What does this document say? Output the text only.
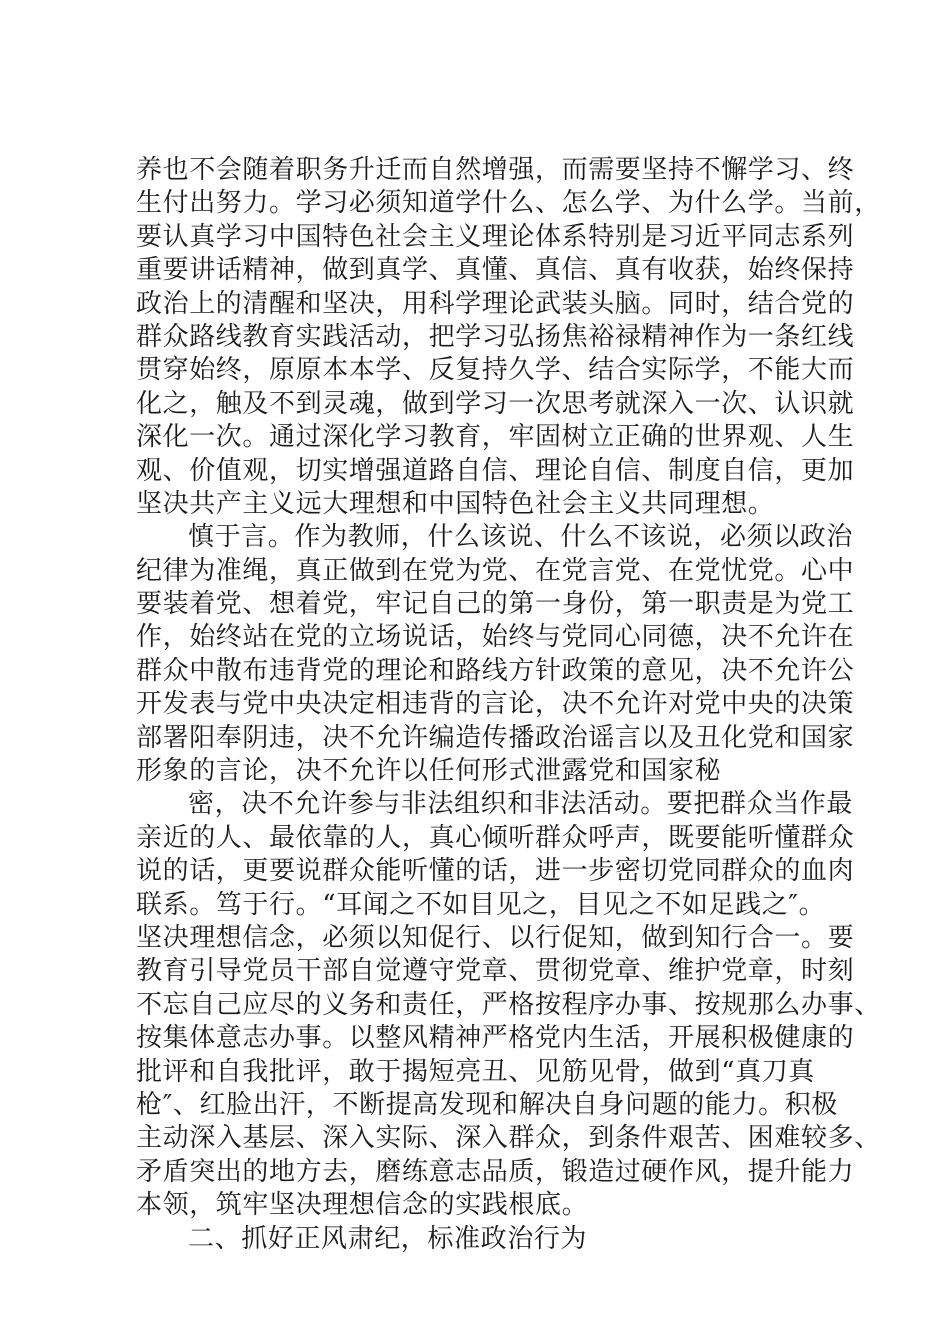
养也不会随着职务升迁而自然增强，而需要坚持不懈学习、终
生付出努力。学习必须知道学什么、怎么学、为什么学。当前，
要认真学习中国特色社会主义理论体系特别是习近平同志系列
重要讲话精神，做到真学、真懂、真信、真有收获，始终保持
政治上的清醒和坚决，用科学理论武装头脑。同时，结合党的
群众路线教育实践活动，把学习弘扬焦裕禄精神作为一条红线
贯穿始终，原原本本学、反复持久学、结合实际学，不能大而
化之，触及不到灵魂，做到学习一次思考就深入一次、认识就
深化一次。通过深化学习教育，牢固树立正确的世界观、人生
观、价值观，切实增强道路自信、理论自信、制度自信，更加
坚决共产主义远大理想和中国特色社会主义共同理想。
慎于言。作为教师，什么该说、什么不该说，必须以政治
纪律为准绳，真正做到在党为党、在党言党、在党忧党。心中
要装着党、想着党，牢记自己的第一身份，第一职责是为党工
作，始终站在党的立场说话，始终与党同心同德，决不允许在
群众中散布违背党的理论和路线方针政策的意见，决不允许公
开发表与党中央决定相违背的言论，决不允许对党中央的决策
部署阳奉阴违，决不允许编造传播政治谣言以及丑化党和国家
形象的言论，决不允许以任何形式泄露党和国家秘
密，决不允许参与非法组织和非法活动。要把群众当作最
亲近的人、最依靠的人，真心倾听群众呼声，既要能听懂群众
说的话，更要说群众能听懂的话，进一步密切党同群众的血肉
联系。笃于行。“耳闻之不如目见之，目见之不如足践之″。
坚决理想信念，必须以知促行、以行促知，做到知行合一。要
教育引导党员干部自觉遵守党章、贯彻党章、维护党章，时刻
不忘自己应尽的义务和责任，严格按程序办事、按规那么办事、
按集体意志办事。以整风精神严格党内生活，开展积极健康的
批评和自我批评，敢于揭短亮丑、见筋见骨，做到“真刀真
枪″、红脸出汗，不断提高发现和解决自身问题的能力。积极
主动深入基层、深入实际、深入群众，到条件艰苦、困难较多、
矛盾突出的地方去，磨练意志品质，锻造过硬作风，提升能力
本领，筑牢坚决理想信念的实践根底。
二、抓好正风肃纪，标准政治行为
